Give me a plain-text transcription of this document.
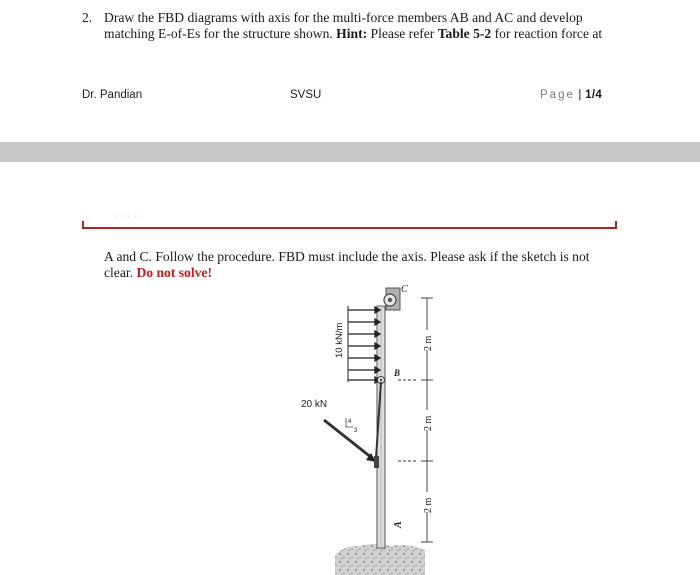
2. Draw the FBD diagrams with axis for the multi-force members AB and AC and develop
matching E-of-Es for the structure shown. Hint: Please refer Table 5-2 for reaction force at
Dr. Pandian	SVSU	Page | 1/4
· · · · ·
A and C. Follow the procedure. FBD must include the axis. Please ask if the sketch is not
clear. Do not solve!
C
10 kN/m
B
20 kN
4
3
A
2 m
2 m
2 m
